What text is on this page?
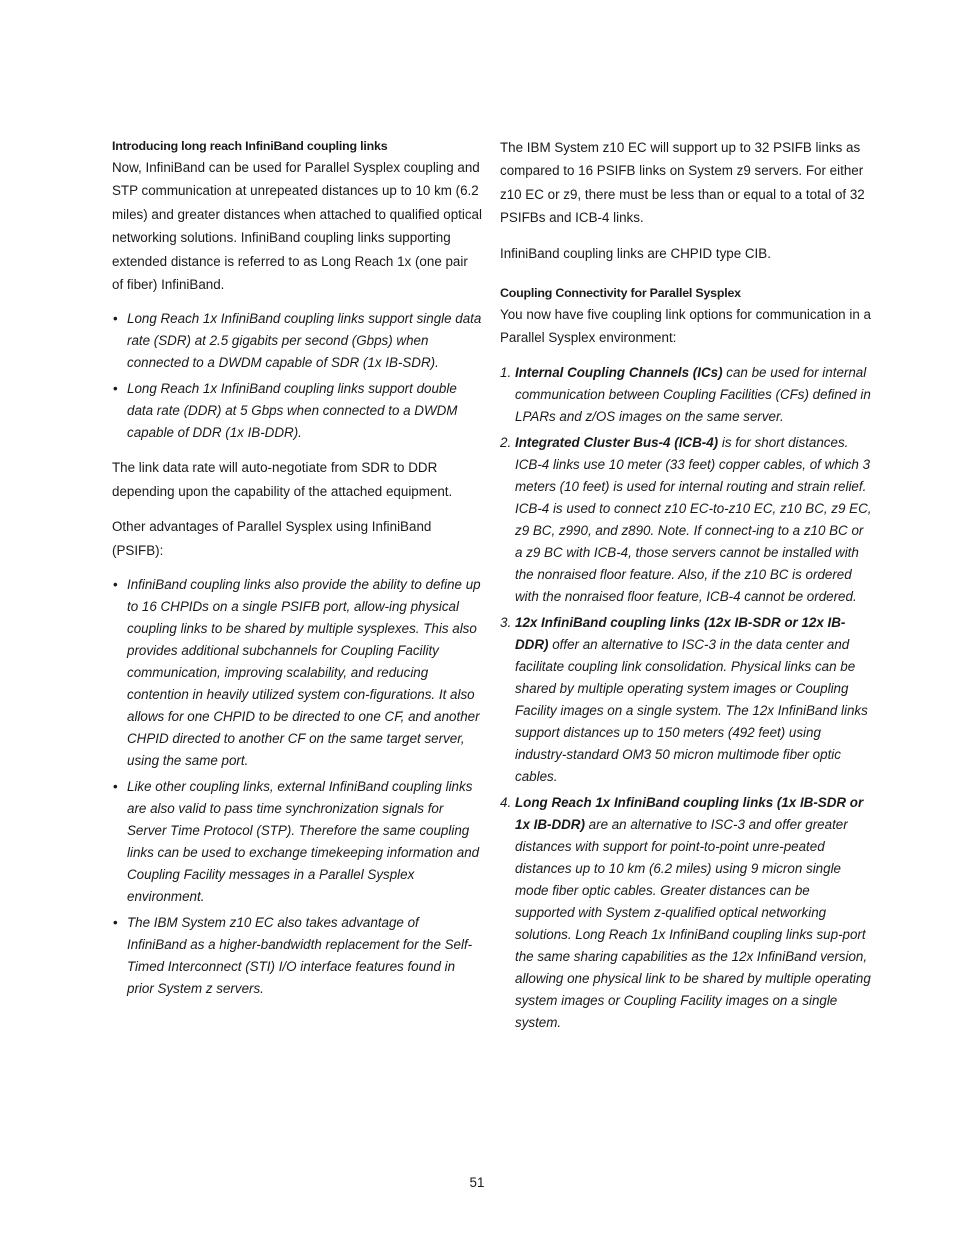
Introducing long reach InfiniBand coupling links

Now, InfiniBand can be used for Parallel Sysplex coupling and STP communication at unrepeated distances up to 10 km (6.2 miles) and greater distances when attached to qualified optical networking solutions. InfiniBand coupling links supporting extended distance is referred to as Long Reach 1x (one pair of fiber) InfiniBand.

• Long Reach 1x InfiniBand coupling links support single data rate (SDR) at 2.5 gigabits per second (Gbps) when connected to a DWDM capable of SDR (1x IB-SDR).
• Long Reach 1x InfiniBand coupling links support double data rate (DDR) at 5 Gbps when connected to a DWDM capable of DDR (1x IB-DDR).

The link data rate will auto-negotiate from SDR to DDR depending upon the capability of the attached equipment.

Other advantages of Parallel Sysplex using InfiniBand (PSIFB):

• InfiniBand coupling links also provide the ability to define up to 16 CHPIDs on a single PSIFB port, allow-ing physical coupling links to be shared by multiple sysplexes. This also provides additional subchannels for Coupling Facility communication, improving scalability, and reducing contention in heavily utilized system con-figurations. It also allows for one CHPID to be directed to one CF, and another CHPID directed to another CF on the same target server, using the same port.
• Like other coupling links, external InfiniBand coupling links are also valid to pass time synchronization signals for Server Time Protocol (STP). Therefore the same coupling links can be used to exchange timekeeping information and Coupling Facility messages in a Parallel Sysplex environment.
• The IBM System z10 EC also takes advantage of InfiniBand as a higher-bandwidth replacement for the Self-Timed Interconnect (STI) I/O interface features found in prior System z servers.

The IBM System z10 EC will support up to 32 PSIFB links as compared to 16 PSIFB links on System z9 servers. For either z10 EC or z9, there must be less than or equal to a total of 32 PSIFBs and ICB-4 links.

InfiniBand coupling links are CHPID type CIB.

Coupling Connectivity for Parallel Sysplex

You now have five coupling link options for communication in a Parallel Sysplex environment:

1. Internal Coupling Channels (ICs) can be used for internal communication between Coupling Facilities (CFs) defined in LPARs and z/OS images on the same server.
2. Integrated Cluster Bus-4 (ICB-4) is for short distances. ICB-4 links use 10 meter (33 feet) copper cables, of which 3 meters (10 feet) is used for internal routing and strain relief. ICB-4 is used to connect z10 EC-to-z10 EC, z10 BC, z9 EC, z9 BC, z990, and z890. Note. If connect-ing to a z10 BC or a z9 BC with ICB-4, those servers cannot be installed with the nonraised floor feature. Also, if the z10 BC is ordered with the nonraised floor feature, ICB-4 cannot be ordered.
3. 12x InfiniBand coupling links (12x IB-SDR or 12x IB-DDR) offer an alternative to ISC-3 in the data center and facilitate coupling link consolidation. Physical links can be shared by multiple operating system images or Coupling Facility images on a single system. The 12x InfiniBand links support distances up to 150 meters (492 feet) using industry-standard OM3 50 micron multimode fiber optic cables.
4. Long Reach 1x InfiniBand coupling links (1x IB-SDR or 1x IB-DDR) are an alternative to ISC-3 and offer greater distances with support for point-to-point unre-peated distances up to 10 km (6.2 miles) using 9 micron single mode fiber optic cables. Greater distances can be supported with System z-qualified optical networking solutions. Long Reach 1x InfiniBand coupling links sup-port the same sharing capabilities as the 12x InfiniBand version, allowing one physical link to be shared by multiple operating system images or Coupling Facility images on a single system.
51
